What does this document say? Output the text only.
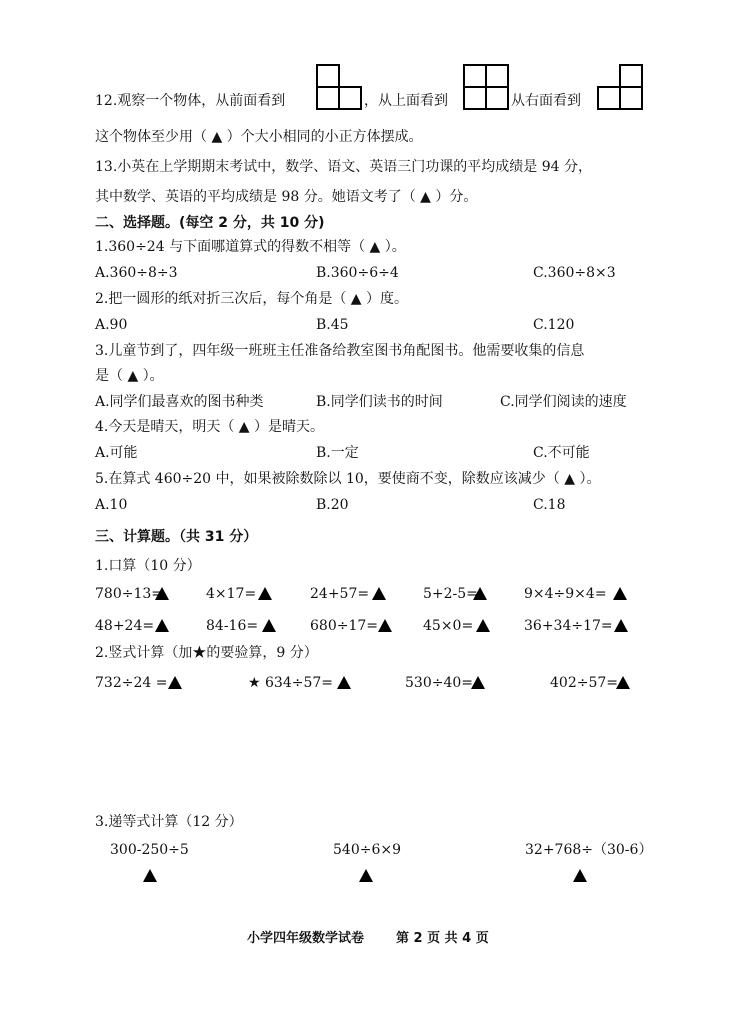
12.观察一个物体，从前面看到	，从上面看到	从右面看到
这个物体至少用（ ▲ ）个大小相同的小正方体摆成。
13.小英在上学期期末考试中，数学、语文、英语三门功课的平均成绩是 94 分，
其中数学、英语的平均成绩是 98 分。她语文考了（ ▲ ）分。
二、选择题。(每空 2 分，共 10 分)
1.360÷24 与下面哪道算式的得数不相等（ ▲ ）。
A.360÷8÷3	B.360÷6÷4	C.360÷8×3
2.把一圆形的纸对折三次后，每个角是（ ▲ ）度。
A.90	B.45	C.120
3.儿童节到了，四年级一班班主任准备给教室图书角配图书。他需要收集的信息
是（ ▲ ）。
A.同学们最喜欢的图书种类	B.同学们读书的时间	C.同学们阅读的速度
4.今天是晴天，明天（ ▲ ）是晴天。
A.可能	B.一定	C.不可能
5.在算式 460÷20 中，如果被除数除以 10，要使商不变，除数应该减少（ ▲ ）。
A.10	B.20	C.18
三、计算题。（共 31 分）
1.口算（10 分）
780÷13=	4×17=	24+57=	5+2-5=	9×4÷9×4=
48+24=	84-16=	680÷17=	45×0=	36+34÷17=
2.竖式计算（加★的要验算，9 分）
732÷24 =	★ 634÷57=	530÷40=	402÷57=
3.递等式计算（12 分）
300-250÷5	540÷6×9	32+768÷（30-6）
小学四年级数学试卷 第 2 页 共 4 页
